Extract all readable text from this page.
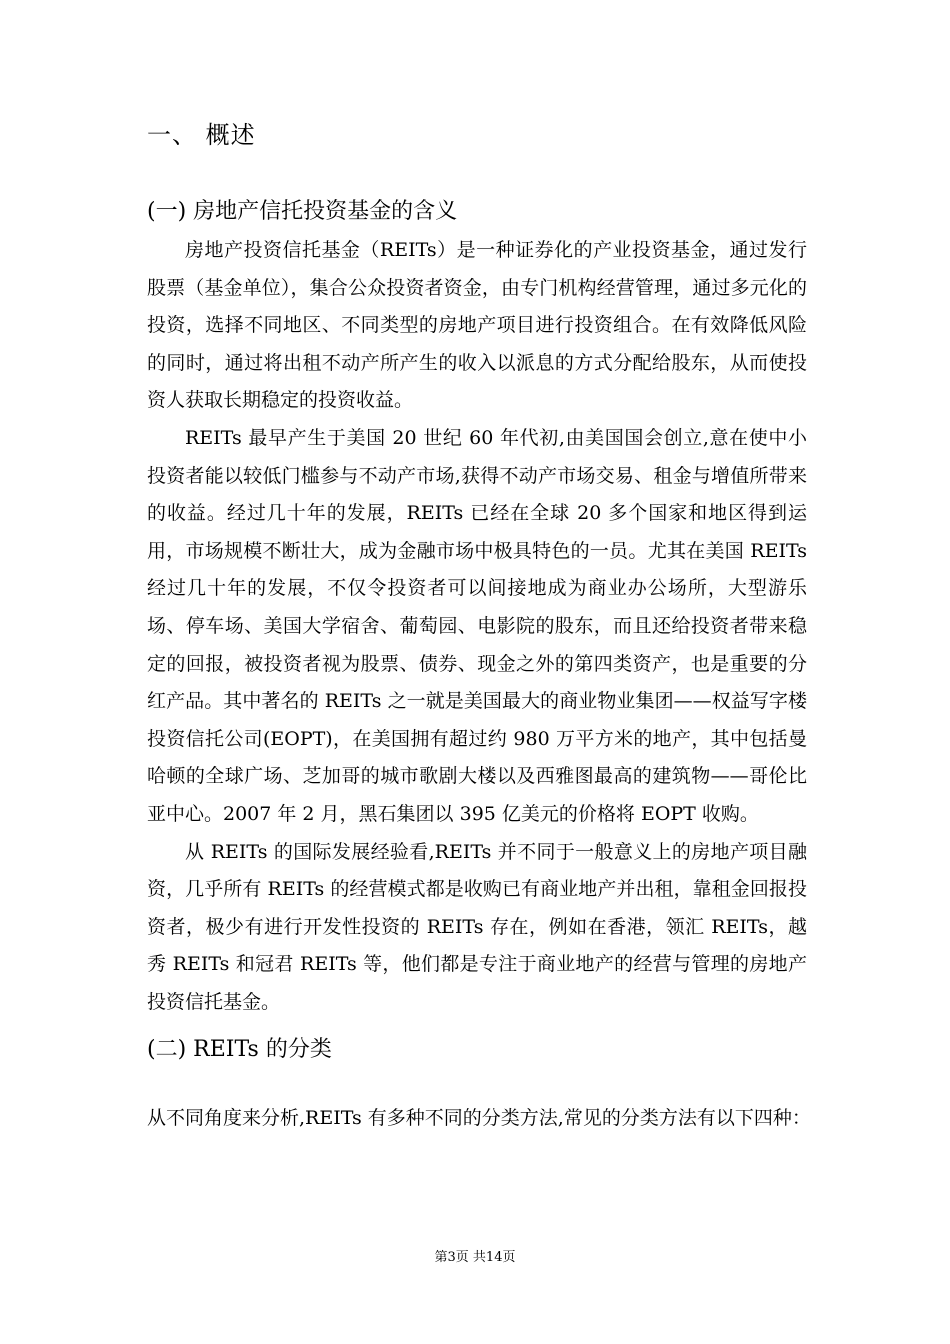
一、 概述
(一) 房地产信托投资基金的含义

房地产投资信托基金（REITs）是一种证券化的产业投资基金，通过发行股票（基金单位），集合公众投资者资金，由专门机构经营管理，通过多元化的投资，选择不同地区、不同类型的房地产项目进行投资组合。在有效降低风险的同时，通过将出租不动产所产生的收入以派息的方式分配给股东，从而使投资人获取长期稳定的投资收益。

REITs 最早产生于美国 20 世纪 60 年代初,由美国国会创立,意在使中小投资者能以较低门槛参与不动产市场,获得不动产市场交易、租金与增值所带来的收益。经过几十年的发展，REITs 已经在全球 20 多个国家和地区得到运用，市场规模不断壮大，成为金融市场中极具特色的一员。尤其在美国 REITs 经过几十年的发展，不仅令投资者可以间接地成为商业办公场所，大型游乐场、停车场、美国大学宿舍、葡萄园、电影院的股东，而且还给投资者带来稳定的回报，被投资者视为股票、债券、现金之外的第四类资产，也是重要的分红产品。其中著名的 REITs 之一就是美国最大的商业物业集团——权益写字楼投资信托公司(EOPT)，在美国拥有超过约 980 万平方米的地产，其中包括曼哈顿的全球广场、芝加哥的城市歌剧大楼以及西雅图最高的建筑物——哥伦比亚中心。2007 年 2 月，黑石集团以 395 亿美元的价格将 EOPT 收购。

从 REITs 的国际发展经验看,REITs 并不同于一般意义上的房地产项目融资，几乎所有 REITs 的经营模式都是收购已有商业地产并出租，靠租金回报投资者，极少有进行开发性投资的 REITs 存在，例如在香港，领汇 REITs，越秀 REITs 和冠君 REITs 等，他们都是专注于商业地产的经营与管理的房地产投资信托基金。

(二) REITs 的分类
从不同角度来分析,REITs 有多种不同的分类方法,常见的分类方法有以下四种：
第3页 共14页
